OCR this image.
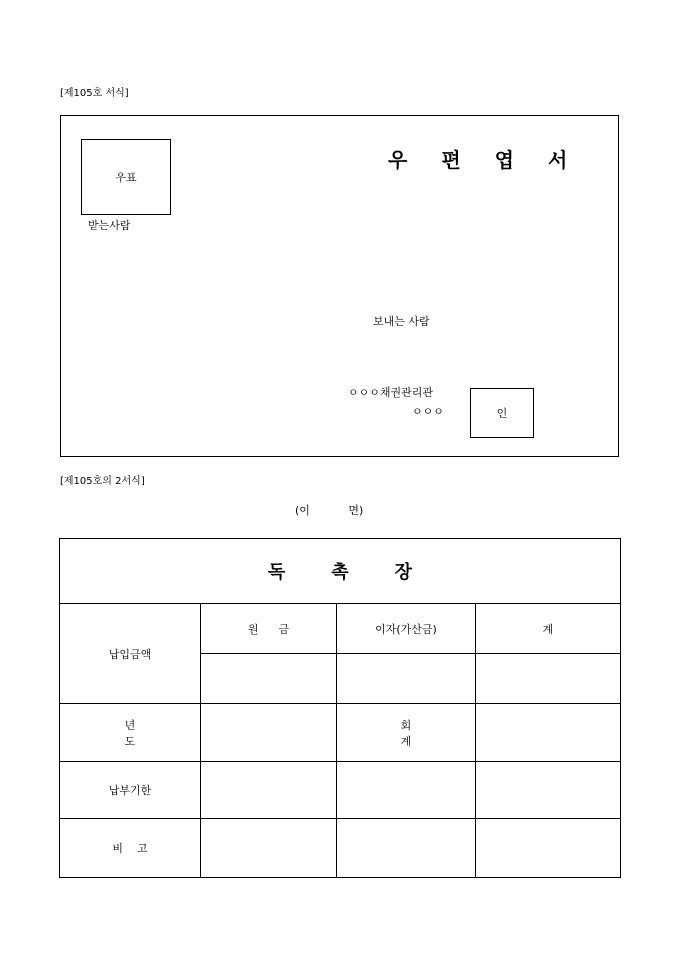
[제105호 서식]
우표
받는사람
우편엽서
보내는 사람
ㅇㅇㅇ채권관리관
ㅇㅇㅇ	인
[제105호의 2서식]
(이           면)
독촉장			
납입금액	원금	이자(가산금)	계

년도		회계	
납부기한			
비고			
